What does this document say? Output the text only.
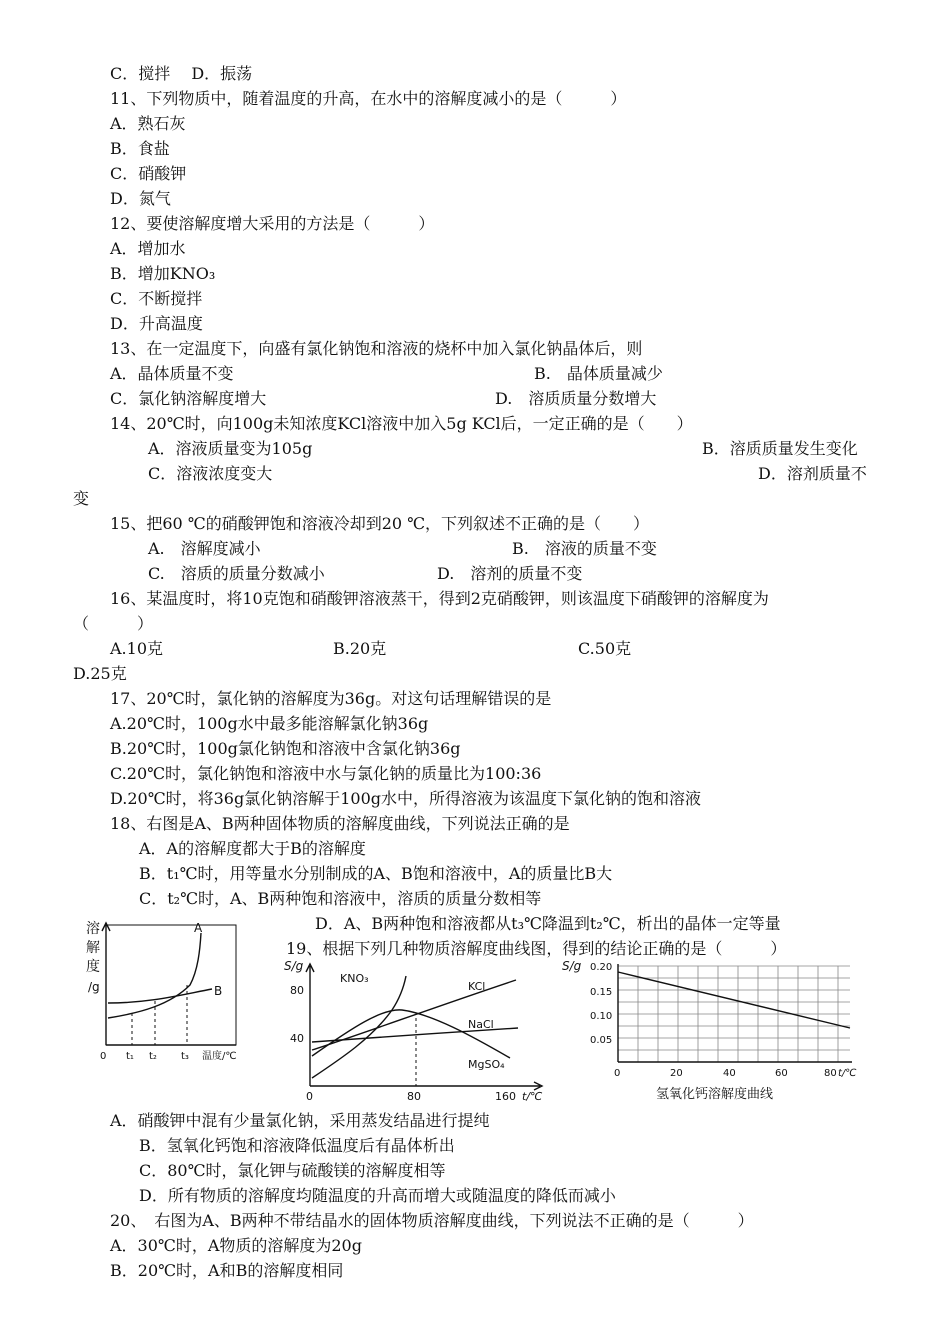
C．搅拌　 D．振荡
11、下列物质中，随着温度的升高，在水中的溶解度减小的是（　　　）
A．熟石灰
B．食盐
C．硝酸钾
D．氮气
12、要使溶解度增大采用的方法是（　　　）
A．增加水
B．增加KNO₃
C．不断搅拌
D．升高温度
13、在一定温度下，向盛有氯化钠饱和溶液的烧杯中加入氯化钠晶体后，则
A．晶体质量不变	B.　晶体质量减少
C．氯化钠溶解度增大	D.　溶质质量分数增大
14、20℃时，向100g未知浓度KCl溶液中加入5g KCl后，一定正确的是（　　）
A．溶液质量变为105g	B．溶质质量发生变化
C．溶液浓度变大	D．溶剂质量不
变
15、把60 ℃的硝酸钾饱和溶液冷却到20 ℃，下列叙述不正确的是（　　）
A.　溶解度减小	B.　溶液的质量不变
C.　溶质的质量分数减小	D.　溶剂的质量不变
16、某温度时，将10克饱和硝酸钾溶液蒸干，得到2克硝酸钾，则该温度下硝酸钾的溶解度为
（　　　）
A.10克	B.20克	C.50克
D.25克
17、20℃时，氯化钠的溶解度为36g。对这句话理解错误的是
A.20℃时，100g水中最多能溶解氯化钠36g
B.20℃时，100g氯化钠饱和溶液中含氯化钠36g
C.20℃时，氯化钠饱和溶液中水与氯化钠的质量比为100:36
D.20℃时，将36g氯化钠溶解于100g水中，所得溶液为该温度下氯化钠的饱和溶液
18、右图是A、B两种固体物质的溶解度曲线，下列说法正确的是
A．A的溶解度都大于B的溶解度
B．t₁℃时，用等量水分别制成的A、B饱和溶液中，A的质量比B大
C．t₂℃时，A、B两种饱和溶液中，溶质的质量分数相等
D．A、B两种饱和溶液都从t₃℃降温到t₂℃，析出的晶体一定等量
19、根据下列几种物质溶解度曲线图，得到的结论正确的是（　　　）
A．硝酸钾中混有少量氯化钠，采用蒸发结晶进行提纯
B．氢氧化钙饱和溶液降低温度后有晶体析出
C．80℃时，氯化钾与硫酸镁的溶解度相等
D．所有物质的溶解度均随温度的升高而增大或随温度的降低而减小
20、　右图为A、B两种不带结晶水的固体物质溶解度曲线，下列说法不正确的是（　　　）
A．30℃时，A物质的溶解度为20g
B．20℃时，A和B的溶解度相同
溶
解
度
/g
A
B
0 t₁ t₂ t₃ 温度/℃
S/g
80
40
0	80	160 t/℃
KNO₃
KCl
NaCl
MgSO₄
S/g 0.20
0.15
0.10
0.05
0	20	40	60	80 t/℃
氢氧化钙溶解度曲线
